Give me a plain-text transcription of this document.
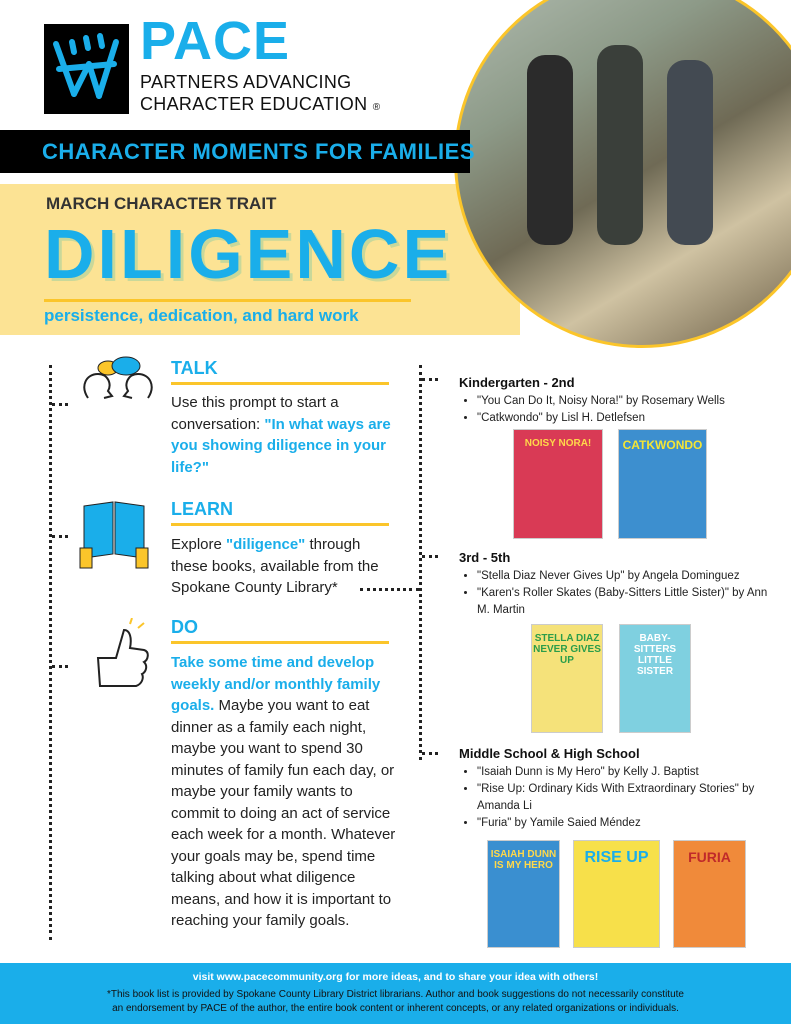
PACE
PARTNERS ADVANCING
CHARACTER EDUCATION ®
CHARACTER MOMENTS FOR FAMILIES
MARCH CHARACTER TRAIT
DILIGENCE
persistence, dedication, and hard work
TALK
Use this prompt to start a conversation: "In what ways are you showing diligence in your life?"
LEARN
Explore "diligence" through these books, available from the Spokane County Library*
DO
Take some time and develop weekly and/or monthly family goals. Maybe you want to eat dinner as a family each night, maybe you want to spend 30 minutes of family fun each day, or maybe your family wants to commit to doing an act of service each week for a month. Whatever your goals may be, spend time talking about what diligence means, and how it is important to reaching your family goals.
Kindergarten - 2nd
• "You Can Do It, Noisy Nora!" by Rosemary Wells
• "Catkwondo" by Lisl H. Detlefsen
NOISY NORA!	CATKWONDO
3rd - 5th
• "Stella Diaz Never Gives Up" by Angela Dominguez
• "Karen's Roller Skates (Baby-Sitters Little Sister)" by Ann M. Martin
STELLA DIAZ NEVER GIVES UP
BABY-SITTERS LITTLE SISTER
Middle School & High School
• "Isaiah Dunn is My Hero" by Kelly J. Baptist
• "Rise Up: Ordinary Kids With Extraordinary Stories" by Amanda Li
• "Furia" by Yamile Saied Méndez
ISAIAH DUNN IS MY HERO	RISE UP	FURIA
visit www.pacecommunity.org for more ideas, and to share your idea with others!
*This book list is provided by Spokane County Library District librarians. Author and book suggestions do not necessarily constitute
an endorsement by PACE of the author, the entire book content or inherent concepts, or any related organizations or individuals.
